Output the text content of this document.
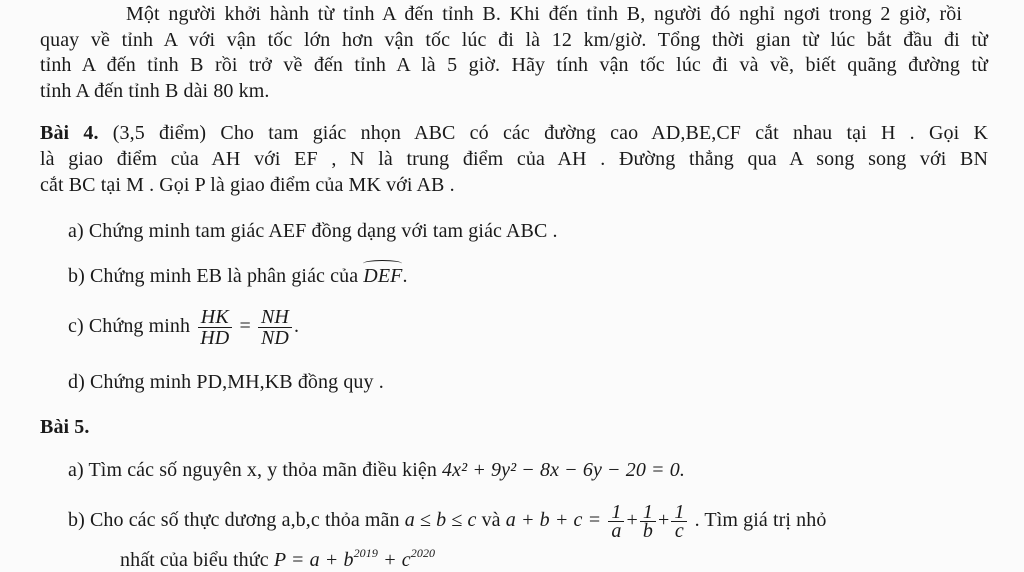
Một người khởi hành từ tỉnh A đến tỉnh B. Khi đến tỉnh B, người đó nghỉ ngơi trong 2 giờ, rồi
quay về tỉnh A với vận tốc lớn hơn vận tốc lúc đi là 12 km/giờ. Tổng thời gian từ lúc bắt đầu đi từ
tỉnh A đến tỉnh B rồi trở về đến tỉnh A là 5 giờ. Hãy tính vận tốc lúc đi và về, biết quãng đường từ
tỉnh A đến tỉnh B dài 80 km.
Bài 4. (3,5 điểm) Cho tam giác nhọn ABC có các đường cao AD,BE,CF cắt nhau tại H . Gọi K
là giao điểm của AH với EF , N là trung điểm của AH . Đường thẳng qua A song song với BN
cắt BC tại M . Gọi P là giao điểm của MK với AB .
a) Chứng minh tam giác AEF đồng dạng với tam giác ABC .
b) Chứng minh EB là phân giác của DEF.
c) Chứng minh $\frac{HK}{HD} = \frac{NH}{ND}$ .
d) Chứng minh PD,MH,KB đồng quy .
Bài 5.
a) Tìm các số nguyên x, y thỏa mãn điều kiện 4x² + 9y² − 8x − 6y − 20 = 0.
b) Cho các số thực dương a,b,c thỏa mãn a ≤ b ≤ c và $a + b + c = \frac{1}{a} + \frac{1}{b} + \frac{1}{c}$ . Tìm giá trị nhỏ
nhất của biểu thức $P = a + b^{2019} + c^{2020}$
